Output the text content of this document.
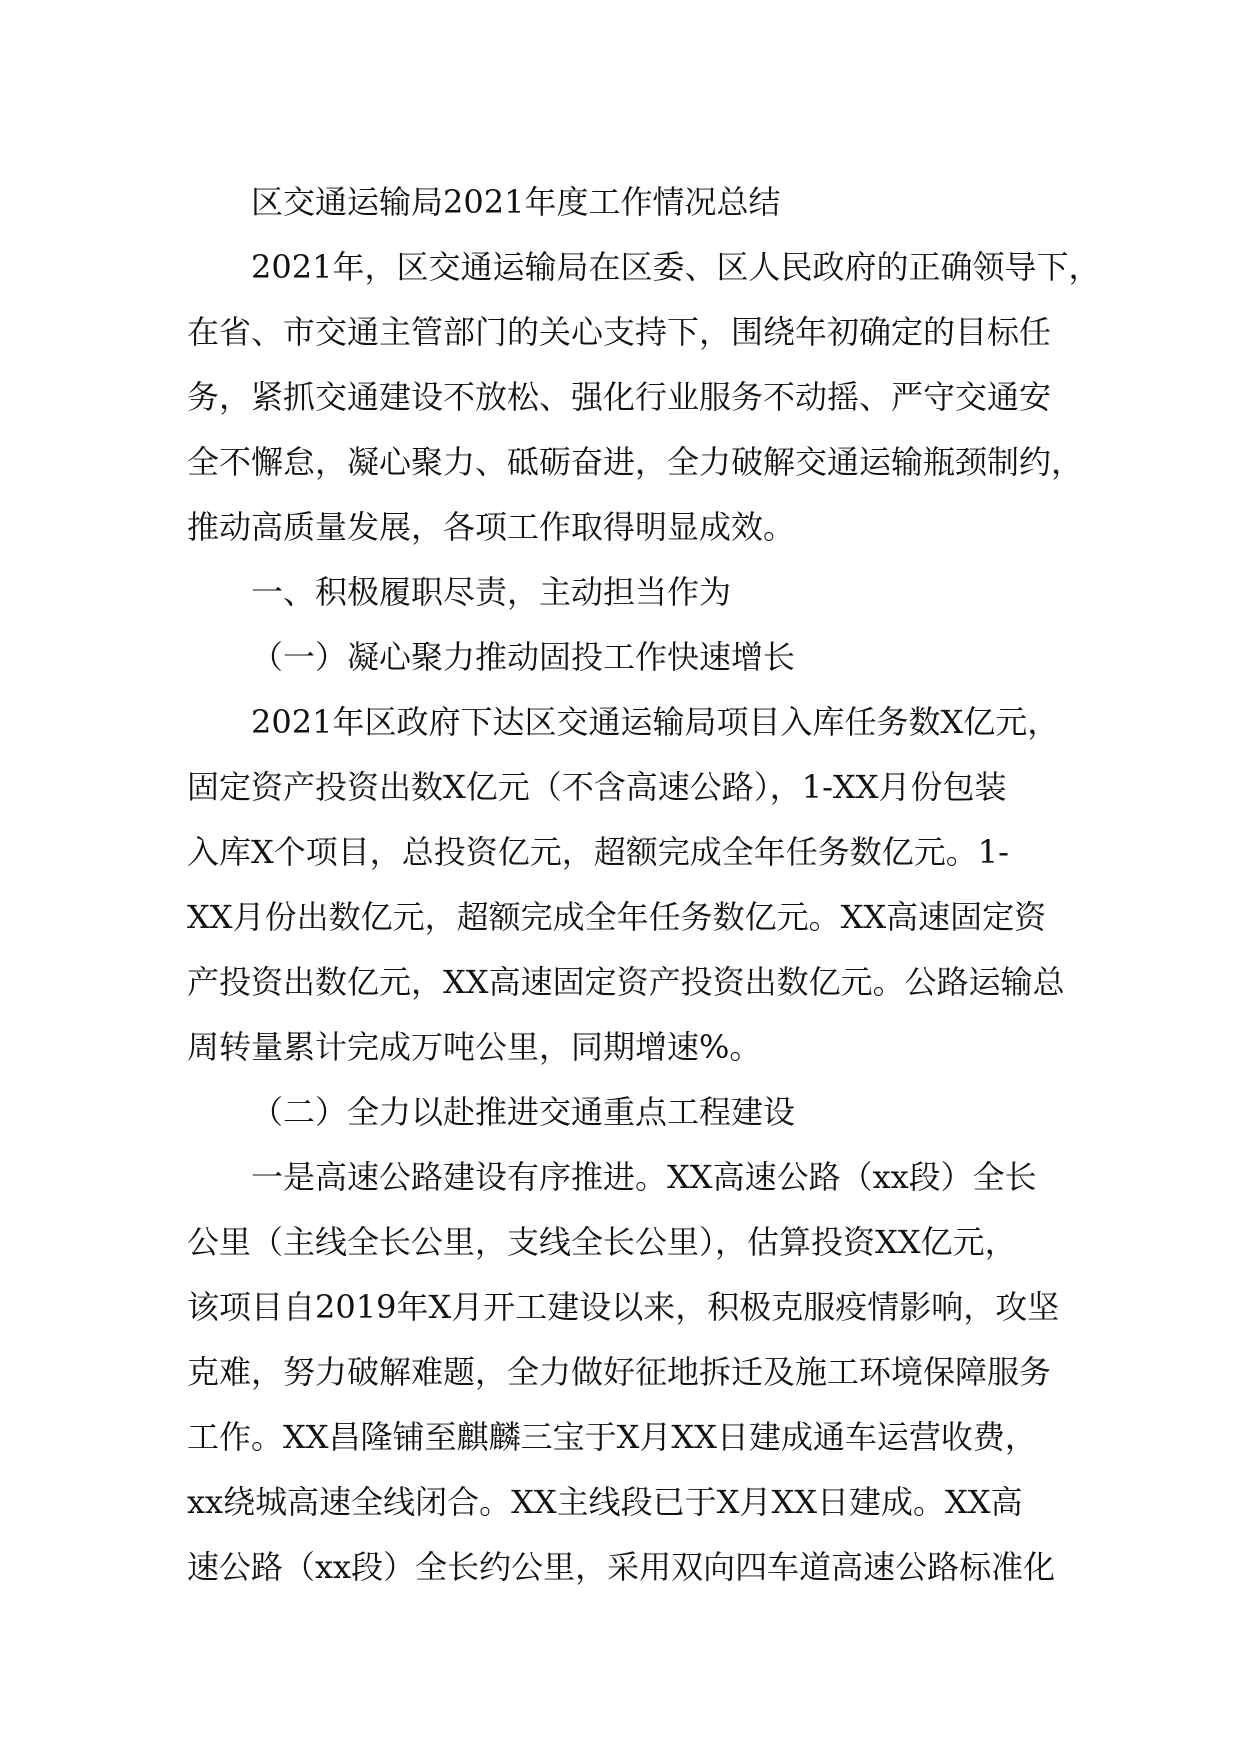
区交通运输局2021年度工作情况总结
2021年，区交通运输局在区委、区人民政府的正确领导下，
在省、市交通主管部门的关心支持下，围绕年初确定的目标任
务，紧抓交通建设不放松、强化行业服务不动摇、严守交通安
全不懈怠，凝心聚力、砥砺奋进，全力破解交通运输瓶颈制约，
推动高质量发展，各项工作取得明显成效。
一、积极履职尽责，主动担当作为
（一）凝心聚力推动固投工作快速增长
2021年区政府下达区交通运输局项目入库任务数X亿元，
固定资产投资出数X亿元（不含高速公路），1-XX月份包装
入库X个项目，总投资亿元，超额完成全年任务数亿元。1-
XX月份出数亿元，超额完成全年任务数亿元。XX高速固定资
产投资出数亿元，XX高速固定资产投资出数亿元。公路运输总
周转量累计完成万吨公里，同期增速%。
（二）全力以赴推进交通重点工程建设
一是高速公路建设有序推进。XX高速公路（xx段）全长
公里（主线全长公里，支线全长公里），估算投资XX亿元，
该项目自2019年X月开工建设以来，积极克服疫情影响，攻坚
克难，努力破解难题，全力做好征地拆迁及施工环境保障服务
工作。XX昌隆铺至麒麟三宝于X月XX日建成通车运营收费，
xx绕城高速全线闭合。XX主线段已于X月XX日建成。XX高
速公路（xx段）全长约公里，采用双向四车道高速公路标准化
